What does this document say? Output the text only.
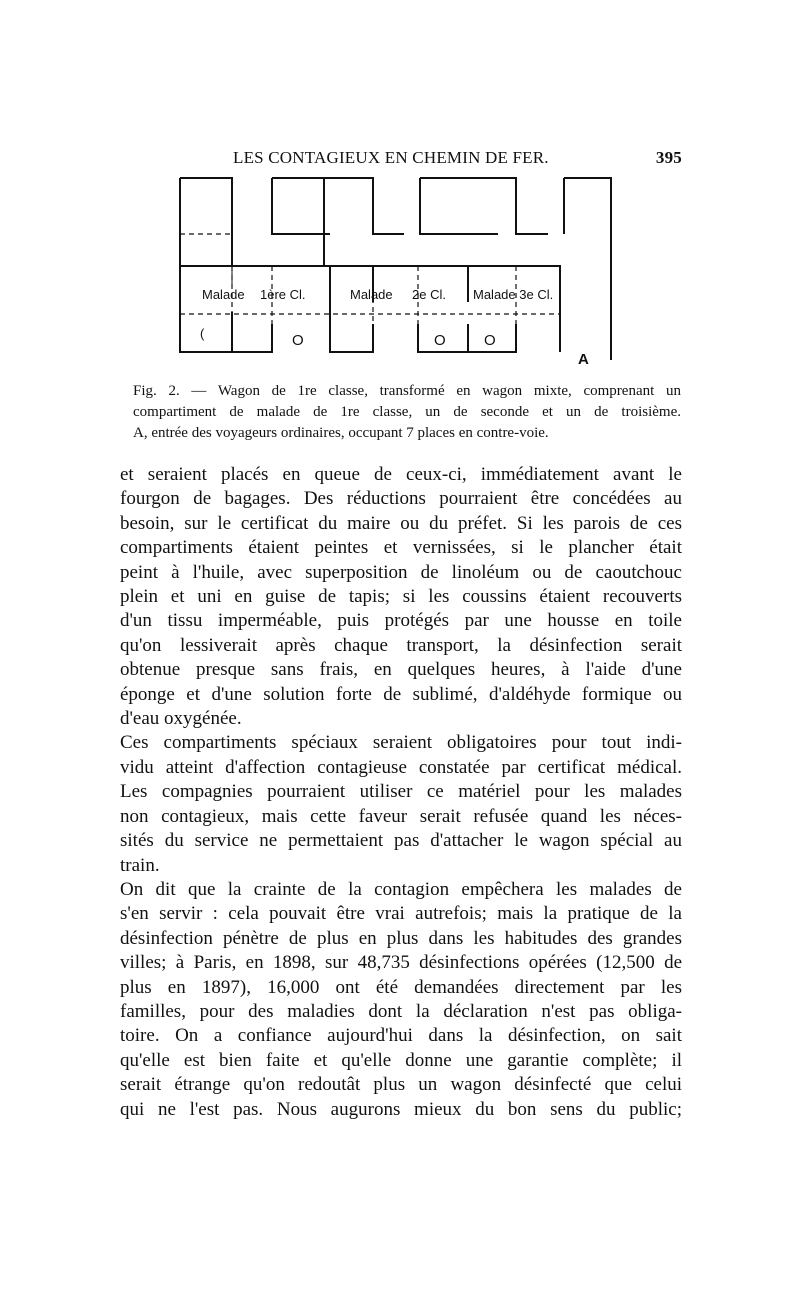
LES CONTAGIEUX EN CHEMIN DE FER.	395
Malade 1ère Cl.	Malade 2e Cl. Malade 3e Cl.
(	O	O	O
A
Fig. 2. — Wagon de 1re classe, transformé en wagon mixte, comprenant un
compartiment de malade de 1re classe, un de seconde et un de troisième.
A, entrée des voyageurs ordinaires, occupant 7 places en contre-voie.
et seraient placés en queue de ceux-ci, immédiatement avant le
fourgon de bagages. Des réductions pourraient être concédées au
besoin, sur le certificat du maire ou du préfet. Si les parois de ces
compartiments étaient peintes et vernissées, si le plancher était
peint à l'huile, avec superposition de linoléum ou de caoutchouc
plein et uni en guise de tapis; si les coussins étaient recouverts
d'un tissu imperméable, puis protégés par une housse en toile
qu'on lessiverait après chaque transport, la désinfection serait
obtenue presque sans frais, en quelques heures, à l'aide d'une
éponge et d'une solution forte de sublimé, d'aldéhyde formique ou
d'eau oxygénée.
Ces compartiments spéciaux seraient obligatoires pour tout indi-
vidu atteint d'affection contagieuse constatée par certificat médical.
Les compagnies pourraient utiliser ce matériel pour les malades
non contagieux, mais cette faveur serait refusée quand les néces-
sités du service ne permettaient pas d'attacher le wagon spécial au
train.
On dit que la crainte de la contagion empêchera les malades de
s'en servir : cela pouvait être vrai autrefois; mais la pratique de la
désinfection pénètre de plus en plus dans les habitudes des grandes
villes; à Paris, en 1898, sur 48,735 désinfections opérées (12,500 de
plus en 1897), 16,000 ont été demandées directement par les
familles, pour des maladies dont la déclaration n'est pas obliga-
toire. On a confiance aujourd'hui dans la désinfection, on sait
qu'elle est bien faite et qu'elle donne une garantie complète; il
serait étrange qu'on redoutât plus un wagon désinfecté que celui
qui ne l'est pas. Nous augurons mieux du bon sens du public;
